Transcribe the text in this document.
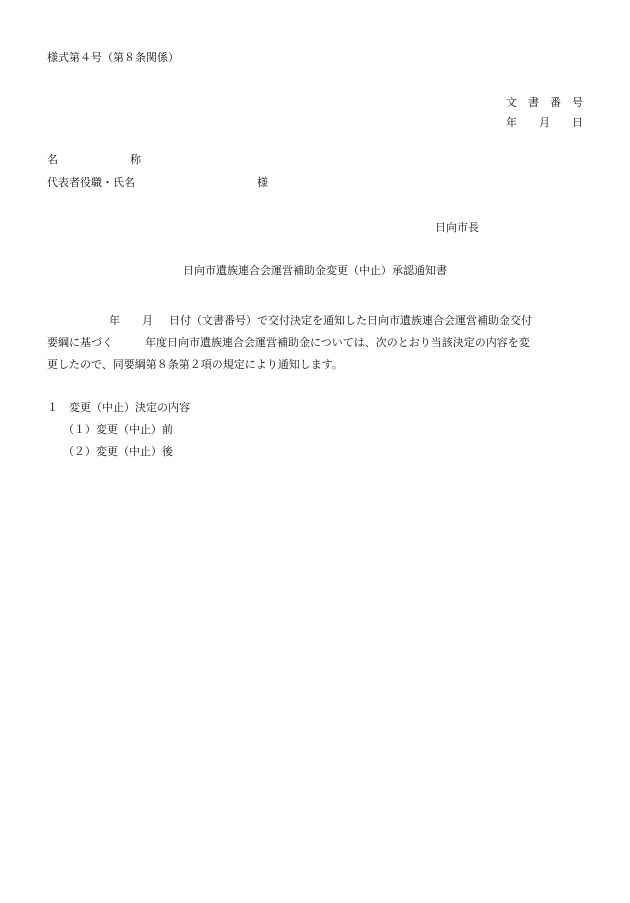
様式第４号（第８条関係）
文　書　番　号
年　　月　　日
名	称
代表者役職・氏名	様
日向市長
日向市遺族連合会運営補助金変更（中止）承認通知書

年 月 日付（文書番号）で交付決定を通知した日向市遺族連合会運営補助金交付

要綱に基づく	年度日向市遺族連合会運営補助金については、次のとおり当該決定の内容を変

更したので、同要綱第８条第２項の規定により通知します。

１　変更（中止）決定の内容
（１）変更（中止）前
（２）変更（中止）後
